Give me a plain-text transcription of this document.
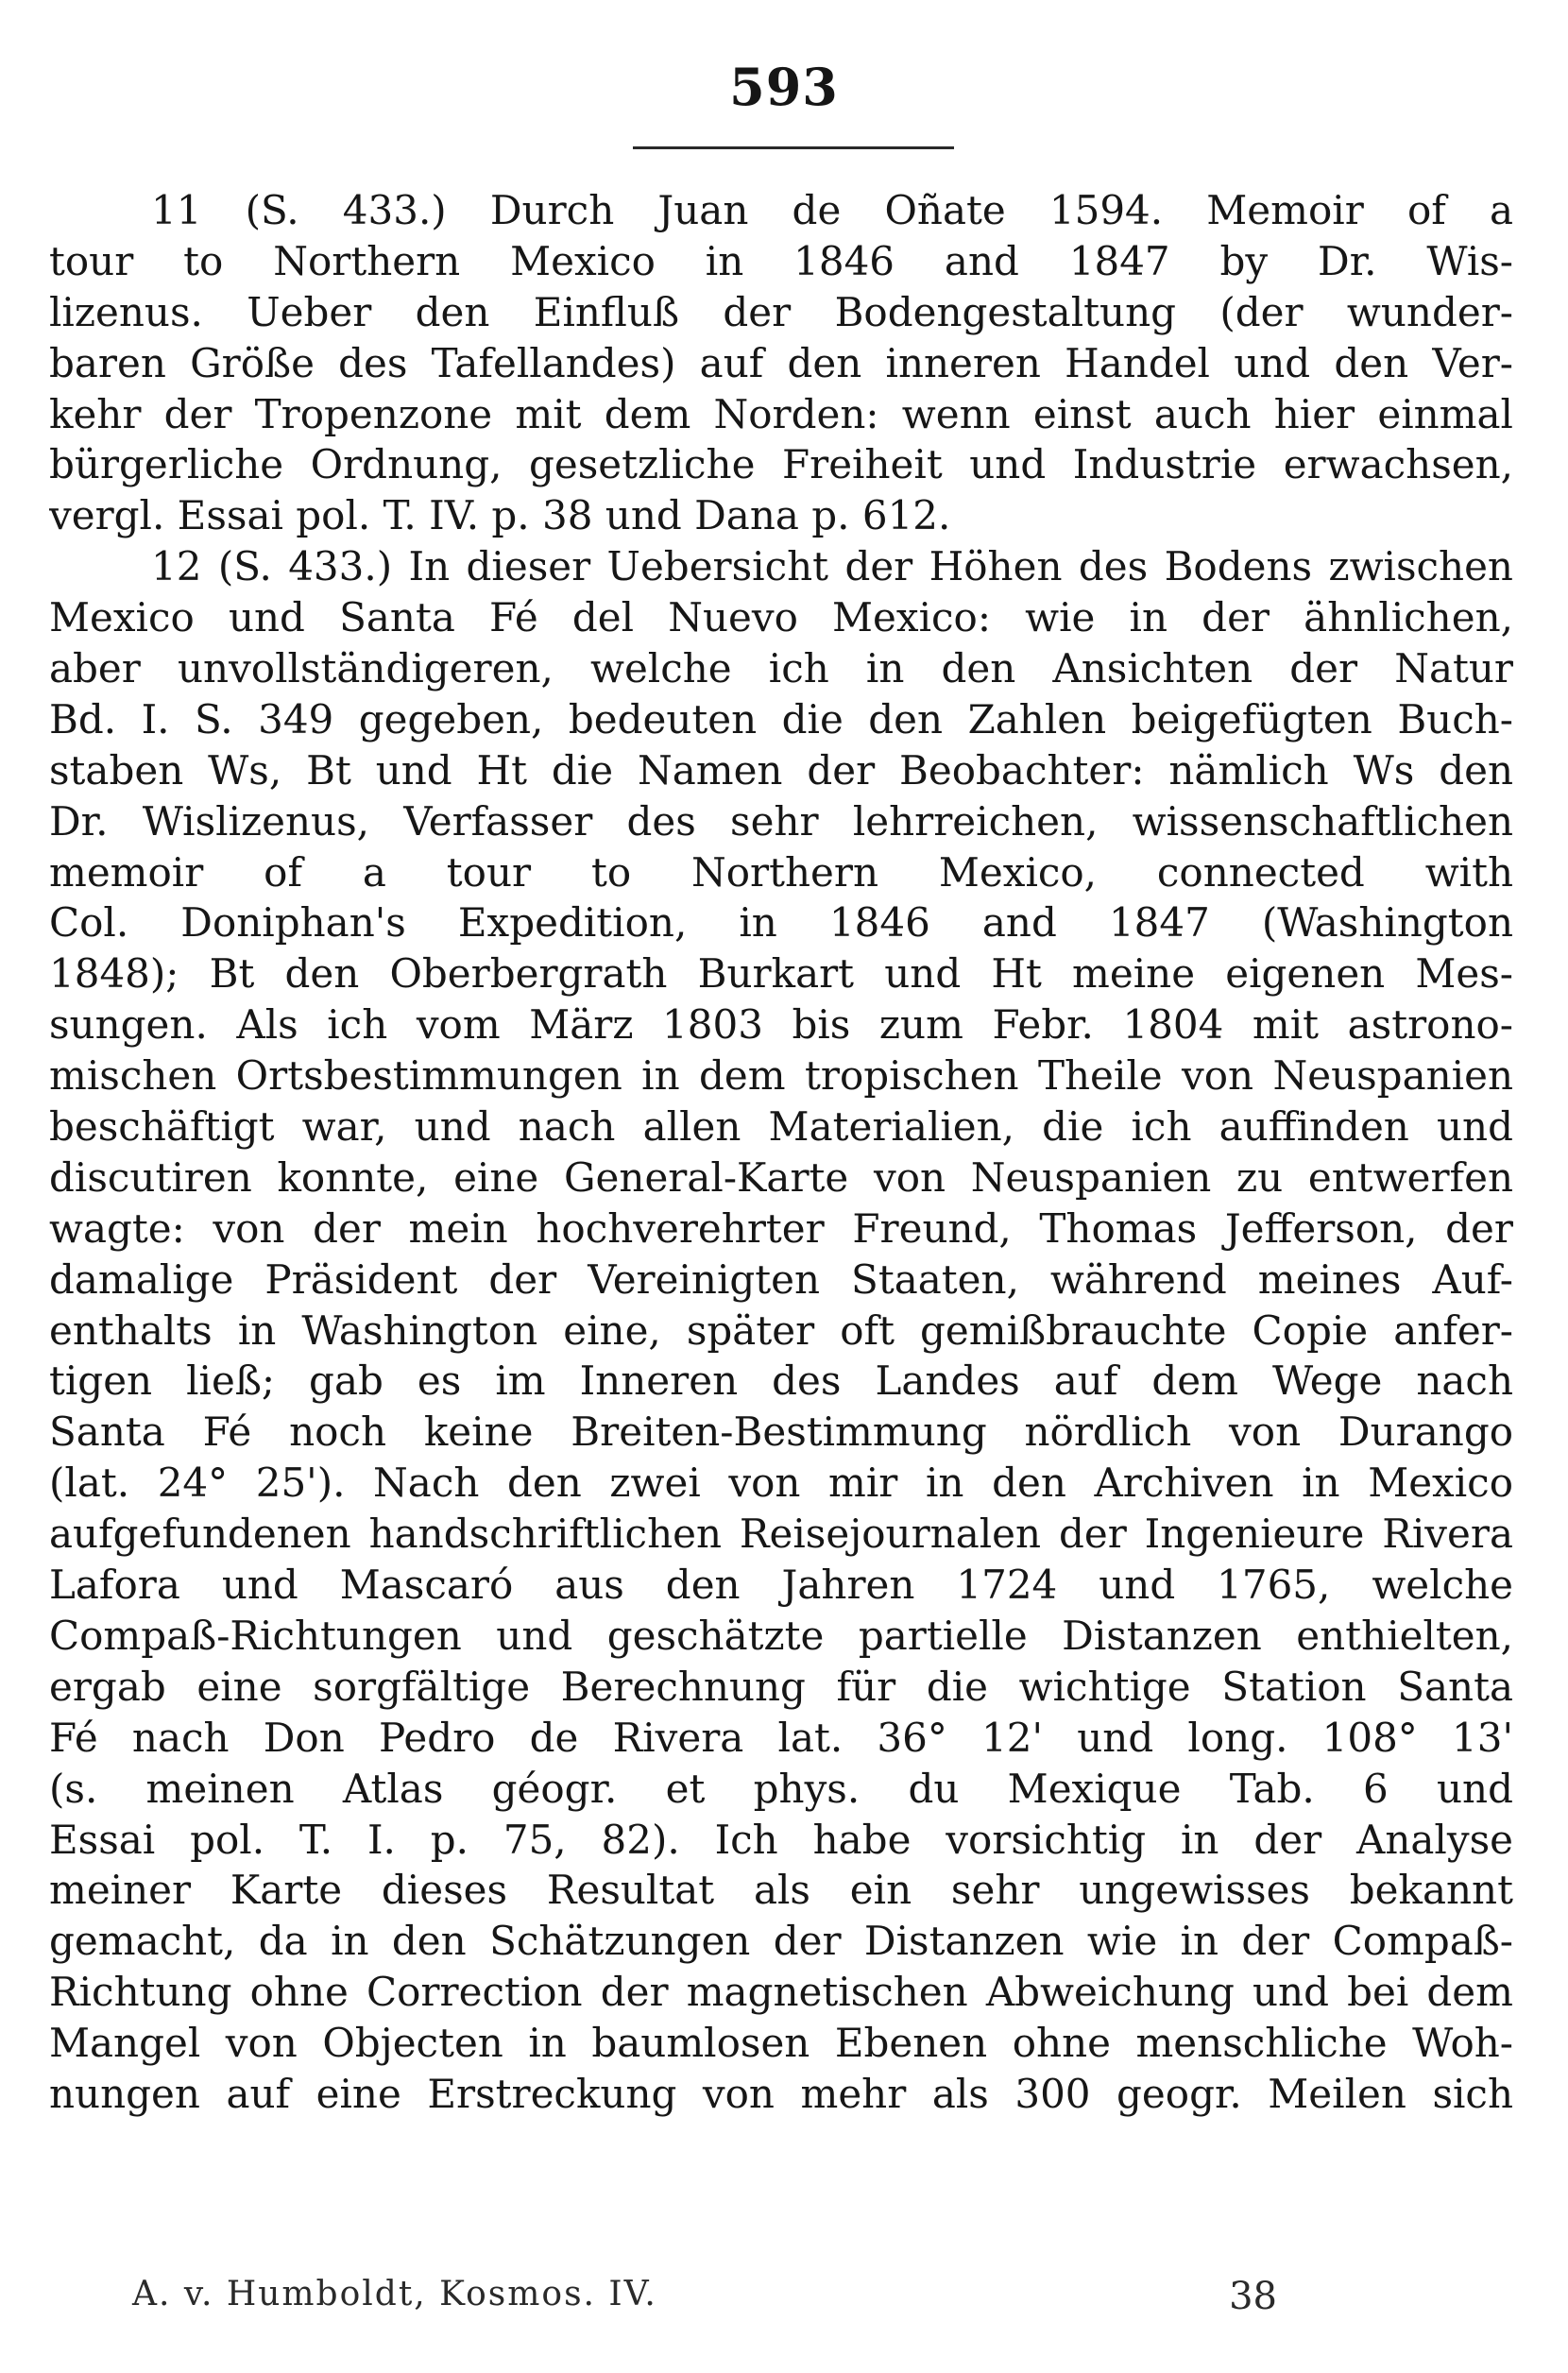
593
11 (S. 433.) Durch Juan de Oñate 1594. Memoir of a
tour to Northern Mexico in 1846 and 1847 by Dr. Wis-
lizenus. Ueber den Einfluß der Bodengestaltung (der wunder-
baren Größe des Tafellandes) auf den inneren Handel und den Ver-
kehr der Tropenzone mit dem Norden: wenn einst auch hier einmal
bürgerliche Ordnung, gesetzliche Freiheit und Industrie erwachsen,
vergl. Essai pol. T. IV. p. 38 und Dana p. 612.
12 (S. 433.) In dieser Uebersicht der Höhen des Bodens zwischen
Mexico und Santa Fé del Nuevo Mexico: wie in der ähnlichen,
aber unvollständigeren, welche ich in den Ansichten der Natur
Bd. I. S. 349 gegeben, bedeuten die den Zahlen beigefügten Buch-
staben Ws, Bt und Ht die Namen der Beobachter: nämlich Ws den
Dr. Wislizenus, Verfasser des sehr lehrreichen, wissenschaftlichen
memoir of a tour to Northern Mexico, connected with
Col. Doniphan's Expedition, in 1846 and 1847 (Washington
1848); Bt den Oberbergrath Burkart und Ht meine eigenen Mes-
sungen. Als ich vom März 1803 bis zum Febr. 1804 mit astrono-
mischen Ortsbestimmungen in dem tropischen Theile von Neuspanien
beschäftigt war, und nach allen Materialien, die ich auffinden und
discutiren konnte, eine General-Karte von Neuspanien zu entwerfen
wagte: von der mein hochverehrter Freund, Thomas Jefferson, der
damalige Präsident der Vereinigten Staaten, während meines Auf-
enthalts in Washington eine, später oft gemißbrauchte Copie anfer-
tigen ließ; gab es im Inneren des Landes auf dem Wege nach
Santa Fé noch keine Breiten-Bestimmung nördlich von Durango
(lat. 24° 25'). Nach den zwei von mir in den Archiven in Mexico
aufgefundenen handschriftlichen Reisejournalen der Ingenieure Rivera
Lafora und Mascaró aus den Jahren 1724 und 1765, welche
Compaß-Richtungen und geschätzte partielle Distanzen enthielten,
ergab eine sorgfältige Berechnung für die wichtige Station Santa
Fé nach Don Pedro de Rivera lat. 36° 12' und long. 108° 13'
(s. meinen Atlas géogr. et phys. du Mexique Tab. 6 und
Essai pol. T. I. p. 75, 82). Ich habe vorsichtig in der Analyse
meiner Karte dieses Resultat als ein sehr ungewisses bekannt
gemacht, da in den Schätzungen der Distanzen wie in der Compaß-
Richtung ohne Correction der magnetischen Abweichung und bei dem
Mangel von Objecten in baumlosen Ebenen ohne menschliche Woh-
nungen auf eine Erstreckung von mehr als 300 geogr. Meilen sich
A. v. Humboldt, Kosmos. IV.	38
